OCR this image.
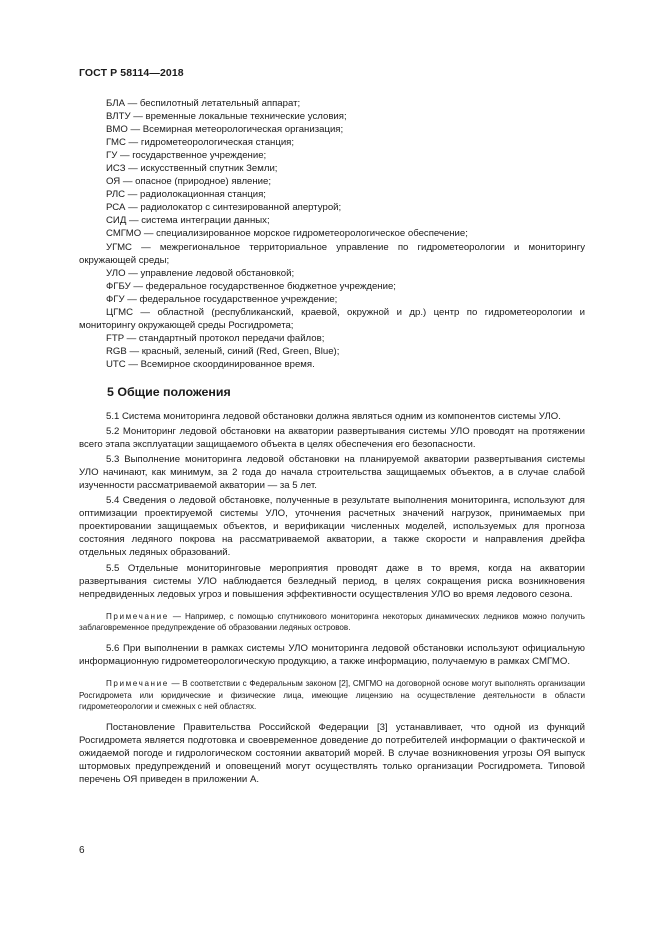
ГОСТ Р 58114—2018

БЛА — беспилотный летательный аппарат;

ВЛТУ — временные локальные технические условия;

ВМО — Всемирная метеорологическая организация;

ГМС — гидрометеорологическая станция;

ГУ — государственное учреждение;

ИСЗ — искусственный спутник Земли;

ОЯ — опасное (природное) явление;

РЛС — радиолокационная станция;

РСА — радиолокатор с синтезированной апертурой;

СИД — система интеграции данных;

СМГМО — специализированное морское гидрометеорологическое обеспечение;

УГМС — межрегиональное территориальное управление по гидрометеорологии и мониторингу окружающей среды;

УЛО — управление ледовой обстановкой;

ФГБУ — федеральное государственное бюджетное учреждение;

ФГУ — федеральное государственное учреждение;

ЦГМС — областной (республиканский, краевой, окружной и др.) центр по гидрометеорологии и мониторингу окружающей среды Росгидромета;

FTP — стандартный протокол передачи файлов;

RGB — красный, зеленый, синий (Red, Green, Blue);

UTC — Всемирное скоординированное время.

5 Общие положения

5.1 Система мониторинга ледовой обстановки должна являться одним из компонентов системы УЛО.

5.2 Мониторинг ледовой обстановки на акватории развертывания системы УЛО проводят на протяжении всего этапа эксплуатации защищаемого объекта в целях обеспечения его безопасности.

5.3 Выполнение мониторинга ледовой обстановки на планируемой акватории развертывания системы УЛО начинают, как минимум, за 2 года до начала строительства защищаемых объектов, а в случае слабой изученности рассматриваемой акватории — за 5 лет.

5.4 Сведения о ледовой обстановке, полученные в результате выполнения мониторинга, используют для оптимизации проектируемой системы УЛО, уточнения расчетных значений нагрузок, принимаемых при проектировании защищаемых объектов, и верификации численных моделей, используемых для прогноза состояния ледяного покрова на рассматриваемой акватории, а также скорости и направления дрейфа отдельных ледяных образований.

5.5 Отдельные мониторинговые мероприятия проводят даже в то время, когда на акватории развертывания системы УЛО наблюдается безледный период, в целях сокращения риска возникновения непредвиденных ледовых угроз и повышения эффективности осуществления УЛО во время ледового сезона.

Примечание — Например, с помощью спутникового мониторинга некоторых динамических ледников можно получить заблаговременное предупреждение об образовании ледяных островов.

5.6 При выполнении в рамках системы УЛО мониторинга ледовой обстановки используют официальную информационную гидрометеорологическую продукцию, а также информацию, получаемую в рамках СМГМО.

Примечание — В соответствии с Федеральным законом [2], СМГМО на договорной основе могут выполнять организации Росгидромета или юридические и физические лица, имеющие лицензию на осуществление деятельности в области гидрометеорологии и смежных с ней областях.

Постановление Правительства Российской Федерации [3] устанавливает, что одной из функций Росгидромета является подготовка и своевременное доведение до потребителей информации о фактической и ожидаемой погоде и гидрологическом состоянии акваторий морей. В случае возникновения угрозы ОЯ выпуск штормовых предупреждений и оповещений могут осуществлять только организации Росгидромета. Типовой перечень ОЯ приведен в приложении А.

6
